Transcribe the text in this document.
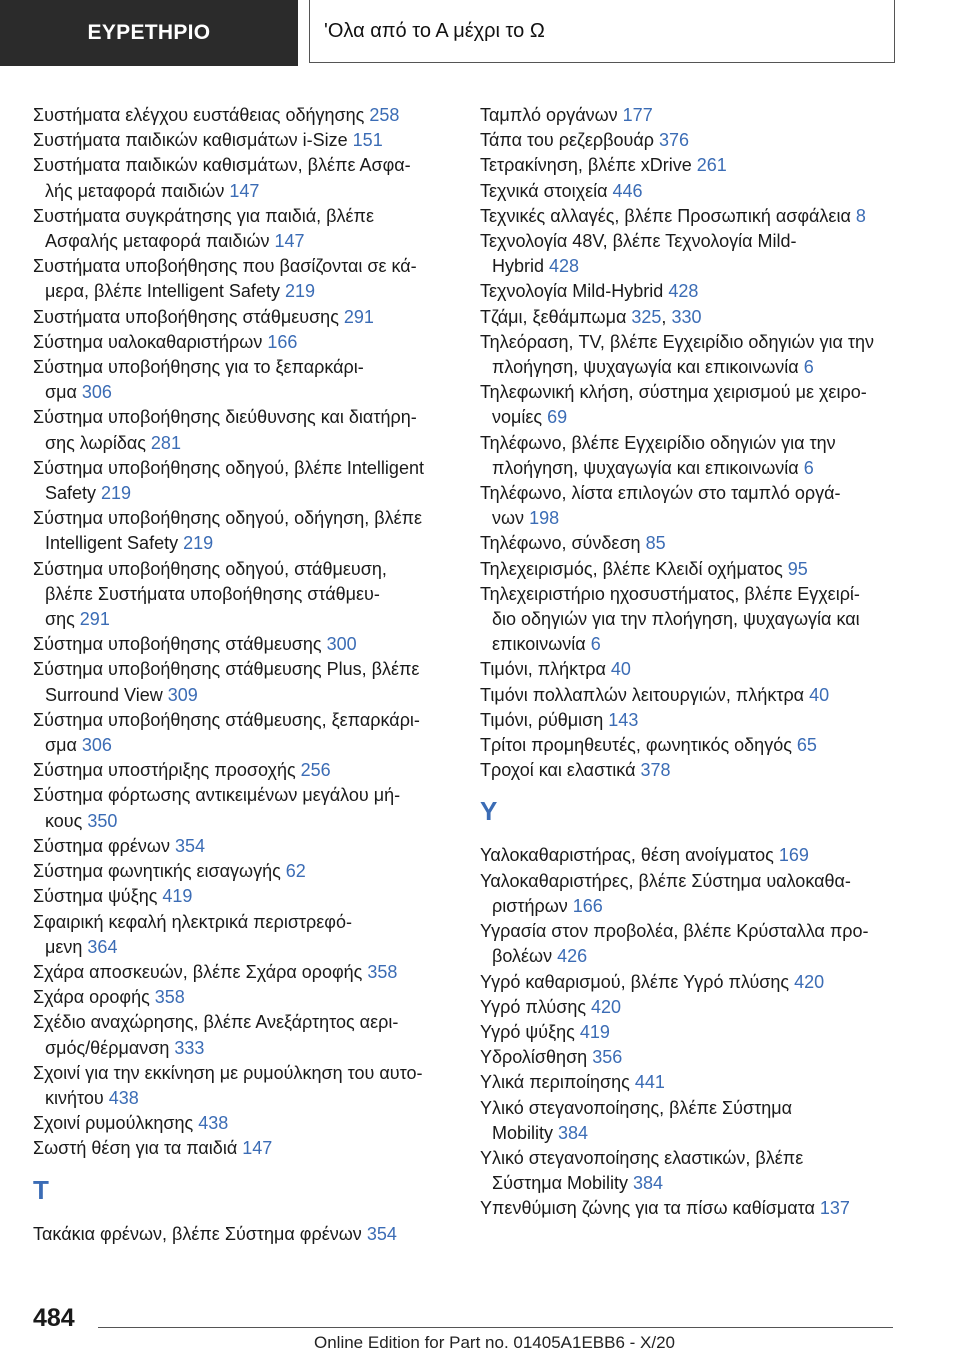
ΕΥΡΕΤΗΡΙΟ	'Ολα από το Α μέχρι το Ω
Συστήματα ελέγχου ευστάθειας οδήγησης 258
Συστήματα παιδικών καθισμάτων i-Size 151
Συστήματα παιδικών καθισμάτων, βλέπε Ασφα-
λής μεταφορά παιδιών 147
Συστήματα συγκράτησης για παιδιά, βλέπε
Ασφαλής μεταφορά παιδιών 147
Συστήματα υποβοήθησης που βασίζονται σε κά-
μερα, βλέπε Intelligent Safety 219
Συστήματα υποβοήθησης στάθμευσης 291
Σύστημα υαλοκαθαριστήρων 166
Σύστημα υποβοήθησης για το ξεπαρκάρι-
σμα 306
Σύστημα υποβοήθησης διεύθυνσης και διατήρη-
σης λωρίδας 281
Σύστημα υποβοήθησης οδηγού, βλέπε Intelligent
Safety 219
Σύστημα υποβοήθησης οδηγού, οδήγηση, βλέπε
Intelligent Safety 219
Σύστημα υποβοήθησης οδηγού, στάθμευση,
βλέπε Συστήματα υποβοήθησης στάθμευ-
σης 291
Σύστημα υποβοήθησης στάθμευσης 300
Σύστημα υποβοήθησης στάθμευσης Plus, βλέπε
Surround View 309
Σύστημα υποβοήθησης στάθμευσης, ξεπαρκάρι-
σμα 306
Σύστημα υποστήριξης προσοχής 256
Σύστημα φόρτωσης αντικειμένων μεγάλου μή-
κους 350
Σύστημα φρένων 354
Σύστημα φωνητικής εισαγωγής 62
Σύστημα ψύξης 419
Σφαιρική κεφαλή ηλεκτρικά περιστρεφό-
μενη 364
Σχάρα αποσκευών, βλέπε Σχάρα οροφής 358
Σχάρα οροφής 358
Σχέδιο αναχώρησης, βλέπε Ανεξάρτητος αερι-
σμός/θέρμανση 333
Σχοινί για την εκκίνηση με ρυμούλκηση του αυτο-
κινήτου 438
Σχοινί ρυμούλκησης 438
Σωστή θέση για τα παιδιά 147
Τ
Τακάκια φρένων, βλέπε Σύστημα φρένων 354
Ταμπλό οργάνων 177
Τάπα του ρεζερβουάρ 376
Τετρακίνηση, βλέπε xDrive 261
Τεχνικά στοιχεία 446
Τεχνικές αλλαγές, βλέπε Προσωπική ασφάλεια 8
Τεχνολογία 48V, βλέπε Τεχνολογία Mild-
Hybrid 428
Τεχνολογία Mild-Hybrid 428
Τζάμι, ξεθάμπωμα 325, 330
Τηλεόραση, TV, βλέπε Εγχειρίδιο οδηγιών για την
πλοήγηση, ψυχαγωγία και επικοινωνία 6
Τηλεφωνική κλήση, σύστημα χειρισμού με χειρο-
νομίες 69
Τηλέφωνο, βλέπε Εγχειρίδιο οδηγιών για την
πλοήγηση, ψυχαγωγία και επικοινωνία 6
Τηλέφωνο, λίστα επιλογών στο ταμπλό οργά-
νων 198
Τηλέφωνο, σύνδεση 85
Τηλεχειρισμός, βλέπε Κλειδί οχήματος 95
Τηλεχειριστήριο ηχοσυστήματος, βλέπε Εγχειρί-
διο οδηγιών για την πλοήγηση, ψυχαγωγία και
επικοινωνία 6
Τιμόνι, πλήκτρα 40
Τιμόνι πολλαπλών λειτουργιών, πλήκτρα 40
Τιμόνι, ρύθμιση 143
Τρίτοι προμηθευτές, φωνητικός οδηγός 65
Τροχοί και ελαστικά 378
Υ
Υαλοκαθαριστήρας, θέση ανοίγματος 169
Υαλοκαθαριστήρες, βλέπε Σύστημα υαλοκαθα-
ριστήρων 166
Υγρασία στον προβολέα, βλέπε Κρύσταλλα προ-
βολέων 426
Υγρό καθαρισμού, βλέπε Υγρό πλύσης 420
Υγρό πλύσης 420
Υγρό ψύξης 419
Υδρολίσθηση 356
Υλικά περιποίησης 441
Υλικό στεγανοποίησης, βλέπε Σύστημα
Mobility 384
Υλικό στεγανοποίησης ελαστικών, βλέπε
Σύστημα Mobility 384
Υπενθύμιση ζώνης για τα πίσω καθίσματα 137
484
Online Edition for Part no. 01405A1EBB6 - X/20
